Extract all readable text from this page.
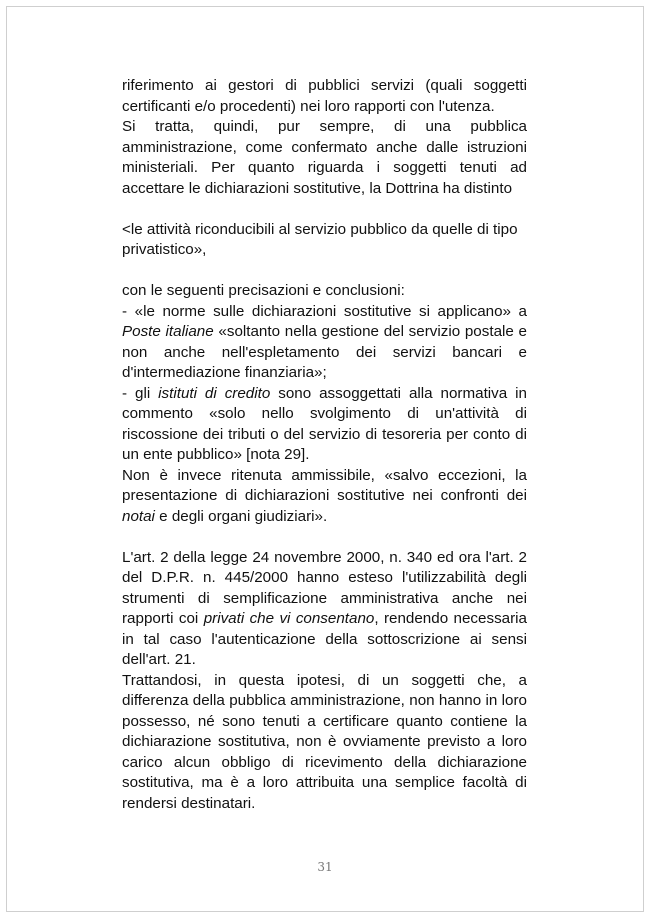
riferimento ai gestori di pubblici servizi (quali soggetti certificanti e/o procedenti) nei loro rapporti con l'utenza.

Si tratta, quindi, pur sempre, di una pubblica amministrazione, come confermato anche dalle istruzioni ministeriali. Per quanto riguarda i soggetti tenuti ad accettare le dichiarazioni sostitutive, la Dottrina ha distinto

<le attività riconducibili al servizio pubblico da quelle di tipo privatistico»,

con le seguenti precisazioni e conclusioni:

- «le norme sulle dichiarazioni sostitutive si applicano» a Poste italiane «soltanto nella gestione del servizio postale e non anche nell'espletamento dei servizi bancari e d'intermediazione finanziaria»;

- gli istituti di credito sono assoggettati alla normativa in commento «solo nello svolgimento di un'attività di riscossione dei tributi o del servizio di tesoreria per conto di un ente pubblico» [nota 29].

Non è invece ritenuta ammissibile, «salvo eccezioni, la presentazione di dichiarazioni sostitutive nei confronti dei notai e degli organi giudiziari».

L'art. 2 della legge 24 novembre 2000, n. 340 ed ora l'art. 2 del D.P.R. n. 445/2000 hanno esteso l'utilizzabilità degli strumenti di semplificazione amministrativa anche nei rapporti coi privati che vi consentano, rendendo necessaria in tal caso l'autenticazione della sottoscrizione ai sensi dell'art. 21.

Trattandosi, in questa ipotesi, di un soggetti che, a differenza della pubblica amministrazione, non hanno in loro possesso, né sono tenuti a certificare quanto contiene la dichiarazione sostitutiva, non è ovviamente previsto a loro carico alcun obbligo di ricevimento della dichiarazione sostitutiva, ma è a loro attribuita una semplice facoltà di rendersi destinatari.

31
